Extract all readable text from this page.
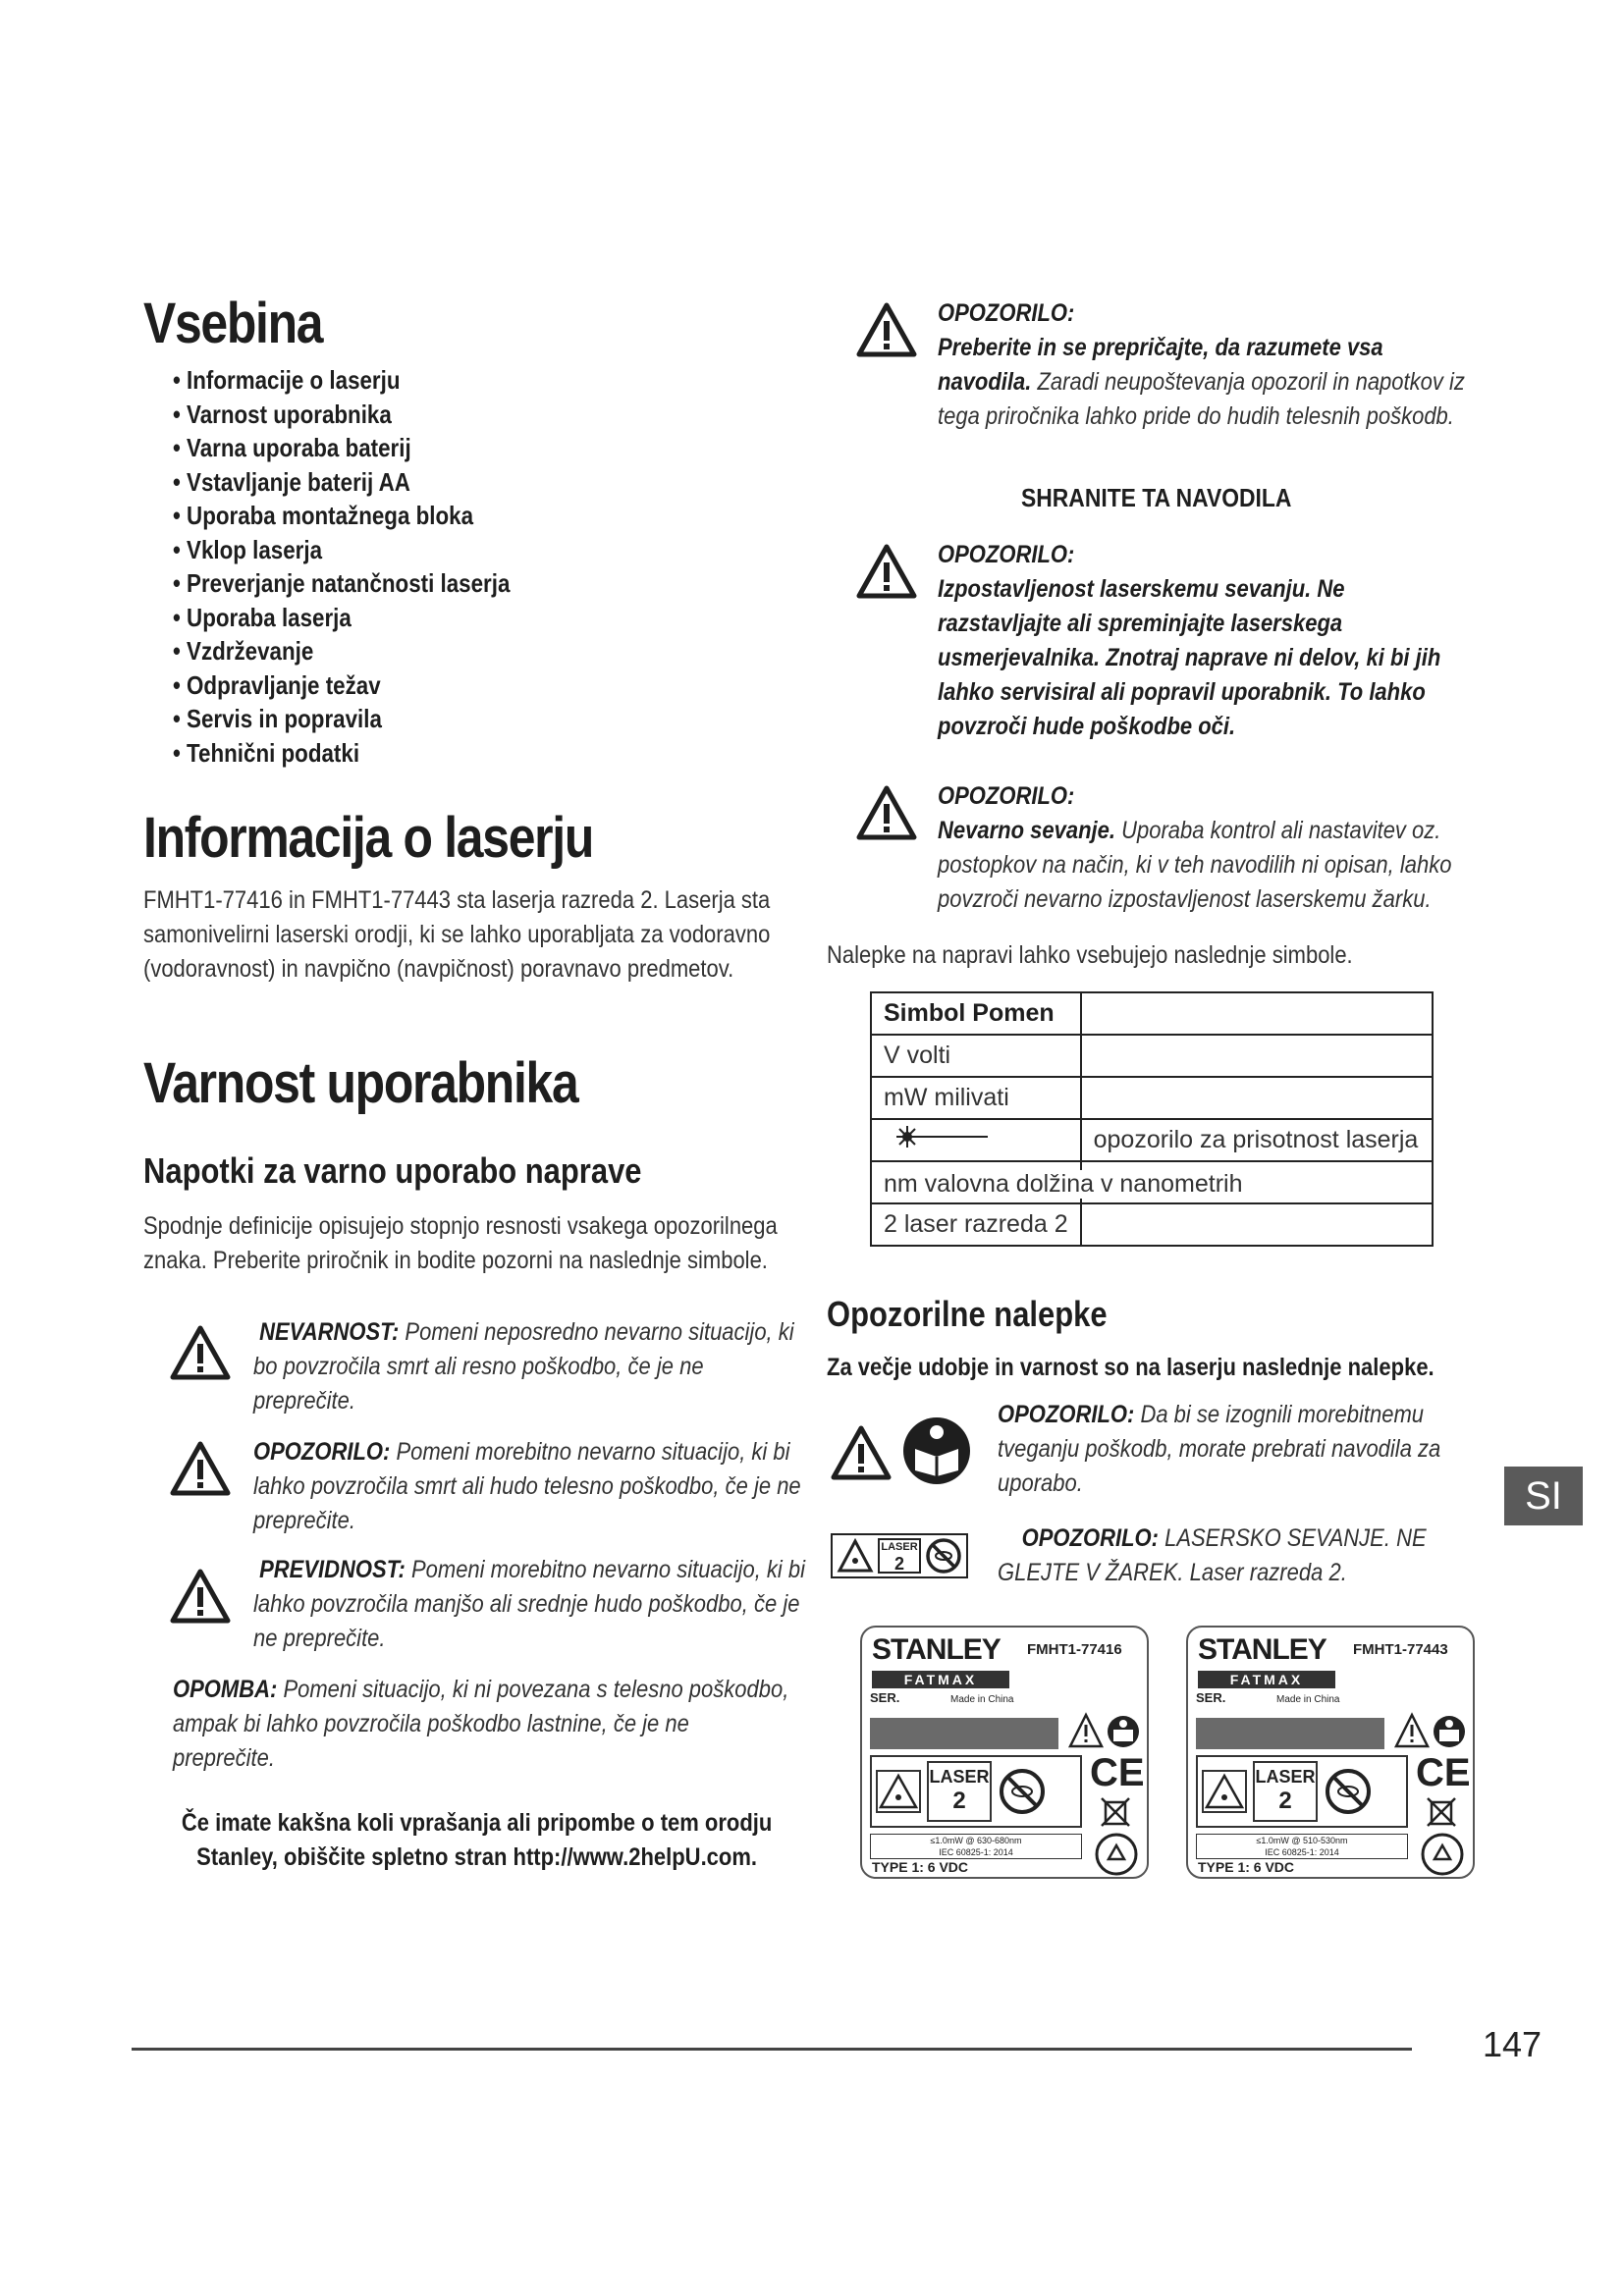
Vsebina
• Informacije o laserju
• Varnost uporabnika
• Varna uporaba baterij
• Vstavljanje baterij AA
• Uporaba montažnega bloka
• Vklop laserja
• Preverjanje natančnosti laserja
• Uporaba laserja
• Vzdrževanje
• Odpravljanje težav
• Servis in popravila
• Tehnični podatki
Informacija o laserju

FMHT1-77416 in FMHT1-77443 sta laserja razreda 2. Laserja sta samonivelirni laserski orodji, ki se lahko uporabljata za vodoravno (vodoravnost) in navpično (navpičnost) poravnavo predmetov.

Varnost uporabnika
Napotki za varno uporabo naprave

Spodnje definicije opisujejo stopnjo resnosti vsakega opozorilnega znaka. Preberite priročnik in bodite pozorni na naslednje simbole.

NEVARNOST: Pomeni neposredno nevarno situacijo, ki bo povzročila smrt ali resno poškodbo, če je ne preprečite.
OPOZORILO: Pomeni morebitno nevarno situacijo, ki bi lahko povzročila smrt ali hudo telesno poškodbo, če je ne preprečite.
PREVIDNOST: Pomeni morebitno nevarno situacijo, ki bi lahko povzročila manjšo ali srednje hudo poškodbo, če je ne preprečite.
OPOMBA: Pomeni situacijo, ki ni povezana s telesno poškodbo, ampak bi lahko povzročila poškodbo lastnine, če je ne preprečite.

Če imate kakšna koli vprašanja ali pripombe o tem orodju Stanley, obiščite spletno stran http://www.2helpU.com.

OPOZORILO:
Preberite in se prepričajte, da razumete vsa navodila. Zaradi neupoštevanja opozoril in napotkov iz tega priročnika lahko pride do hudih telesnih poškodb.

SHRANITE TA NAVODILA

OPOZORILO:
Izpostavljenost laserskemu sevanju. Ne razstavljajte ali spreminjajte laserskega usmerjevalnika. Znotraj naprave ni delov, ki bi jih lahko servisiral ali popravil uporabnik. To lahko povzroči hude poškodbe oči.
OPOZORILO:
Nevarno sevanje. Uporaba kontrol ali nastavitev oz. postopkov na način, ki v teh navodilih ni opisan, lahko povzroči nevarno izpostavljenost laserskemu žarku.

Nalepke na napravi lahko vsebujejo naslednje simbole.

Simbol Pomen	
V volti	
mW milivati	
	opozorilo za prisotnost laserja

nm valovna dolžina v nanometrih	

2 laser razreda 2	
Opozorilne nalepke

Za večje udobje in varnost so na laserju naslednje nalepke.

OPOZORILO: Da bi se izognili morebitnemu tveganju poškodb, morate prebrati navodila za uporabo.
LASER
2
OPOZORILO: LASERSKO SEVANJE. NE GLEJTE V ŽAREK. Laser razreda 2.
STANLEY FMHT1-77416
FATMAX
SER.	Made in China
LASER
2
CE
≤1.0mW @ 630-680nm
IEC 60825-1: 2014
TYPE 1: 6 VDC
STANLEY FMHT1-77443
FATMAX
SER.	Made in China
LASER
2
CE
≤1.0mW @ 510-530nm
IEC 60825-1: 2014
TYPE 1: 6 VDC
SI
147
